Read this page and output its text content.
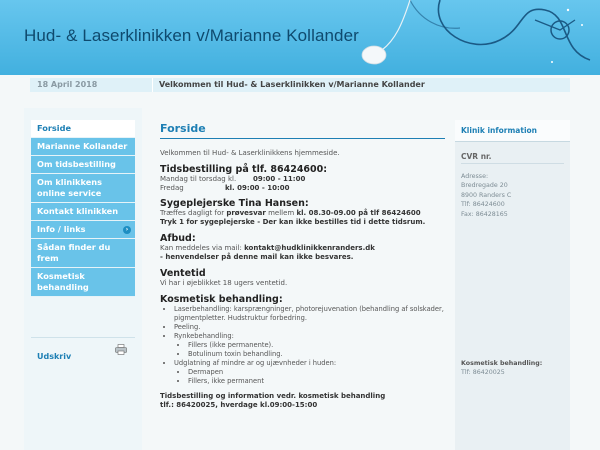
Hud- & Laserklinikken v/Marianne Kollander
18 April 2018	Velkommen til Hud- & Laserklinikken v/Marianne Kollander
Forside
Marianne Kollander
Om tidsbestilling
Om klinikkens online service
Kontakt klinikken
Info / links	›
Sådan finder du frem
Kosmetisk behandling
Udskriv
Forside

Velkommen til Hud- & Laserklinikkens hjemmeside.

Tidsbestilling på tlf. 86424600:
Mandag til torsdag kl.	09:00 - 11:00
Fredag	kl. 09:00 - 10:00
Sygeplejerske Tina Hansen:

Træffes dagligt for prøvesvar mellem kl. 08.30-09.00 på tlf 86424600

Tryk 1 for sygeplejerske - Der kan ikke bestilles tid i dette tidsrum.

Afbud:

Kan meddeles via mail: kontakt@hudklinikkenranders.dk

- henvendelser på denne mail kan ikke besvares.

Ventetid

Vi har i øjeblikket 18 ugers ventetid.

Kosmetisk behandling:
• Laserbehandling: karsprængninger, photorejuvenation (behandling af solskader, pigmentpletter. Hudstruktur forbedring.
• Peeling.
• Rynkebehandling:
• Fillers (ikke permanente).
• Botulinum toxin behandling.
• Udglatning af mindre ar og ujævnheder i huden:
• Dermapen
• Fillers, ikke permanent

Tidsbestilling og information vedr. kosmetisk behandling

tlf.: 86420025, hverdage kl.09:00-15:00

Klinik information
CVR nr.
Adresse:
Bredregade 20
8900 Randers C
Tlf: 86424600
Fax: 86428165
Kosmetisk behandling:
Tlf: 86420025
